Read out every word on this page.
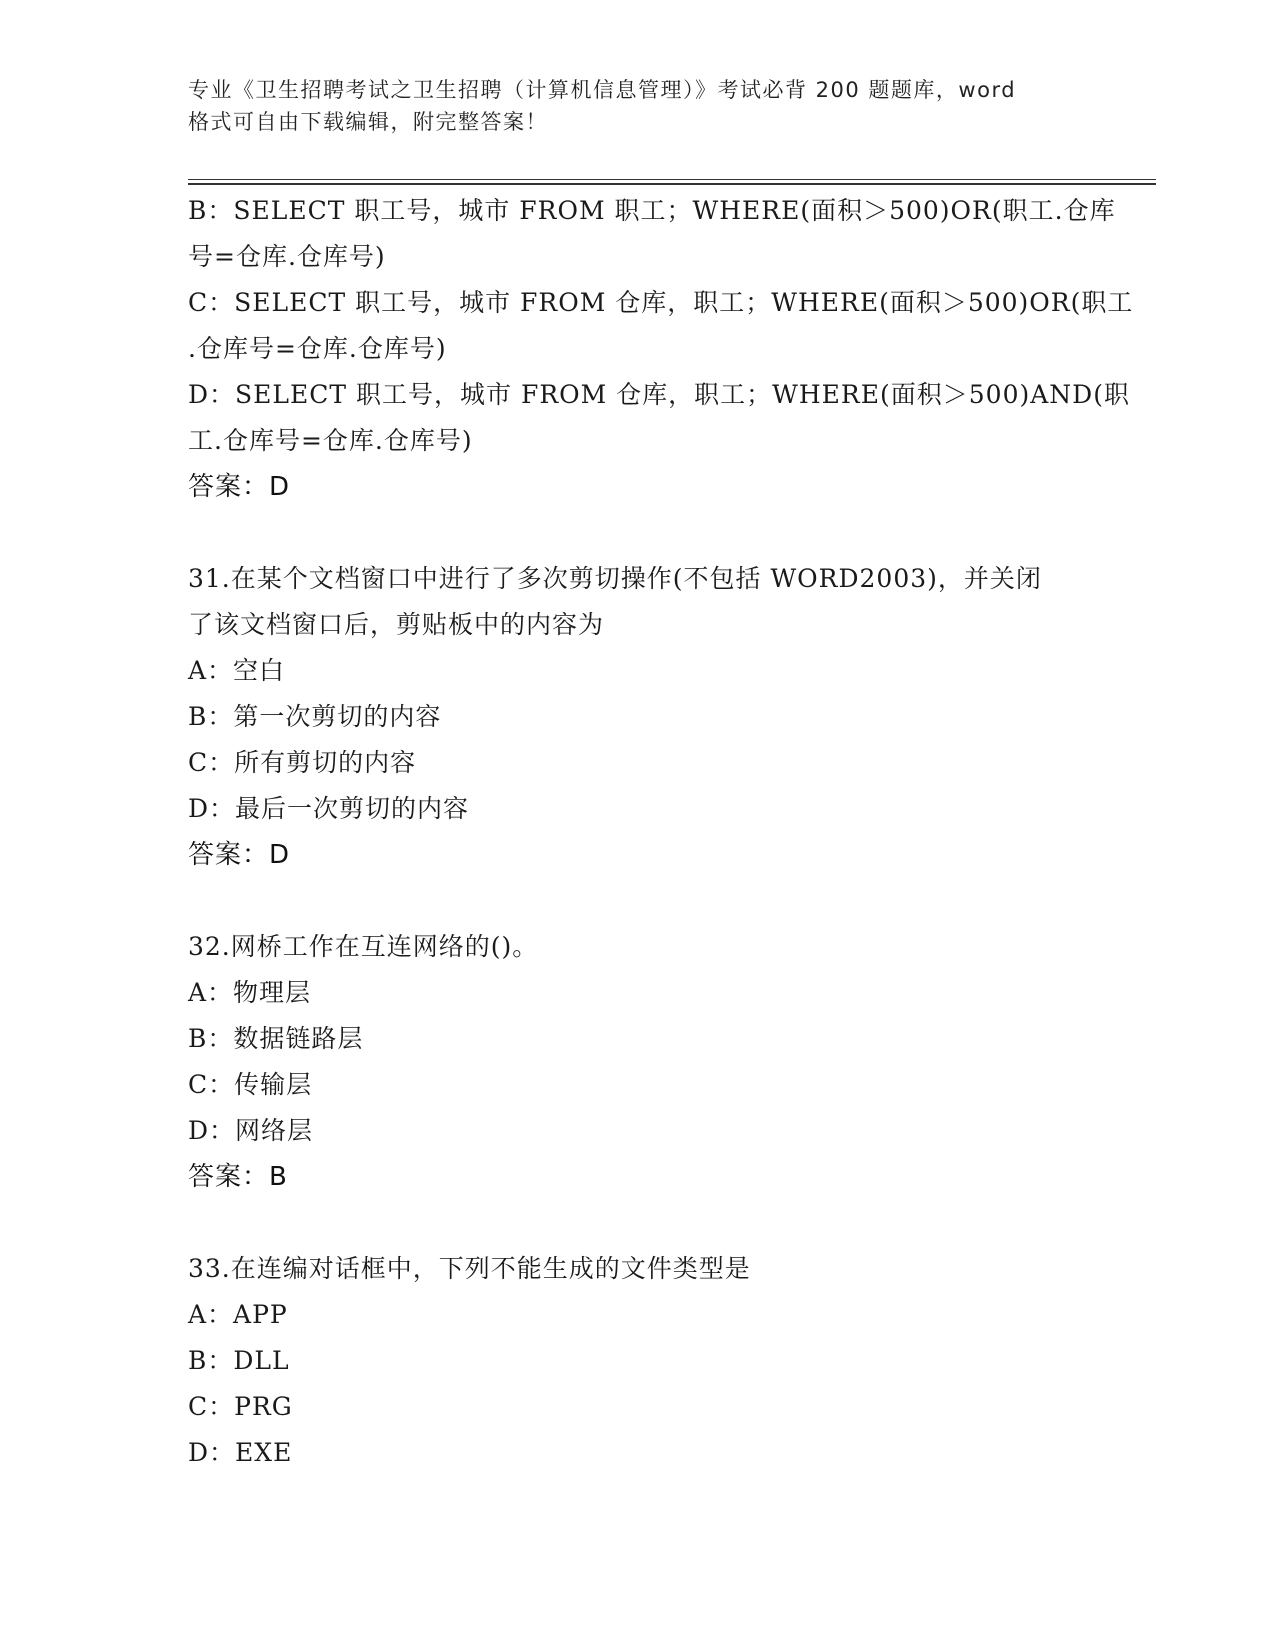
专业《卫生招聘考试之卫生招聘（计算机信息管理）》考试必背 200 题题库，word
格式可自由下载编辑，附完整答案！
B：SELECT 职工号，城市 FROM 职工；WHERE(面积＞500)OR(职工.仓库
号=仓库.仓库号)
C：SELECT 职工号，城市 FROM 仓库，职工；WHERE(面积＞500)OR(职工
.仓库号=仓库.仓库号)
D：SELECT 职工号，城市 FROM 仓库，职工；WHERE(面积＞500)AND(职
工.仓库号=仓库.仓库号)
答案：D
31.在某个文档窗口中进行了多次剪切操作(不包括 WORD2003)，并关闭
了该文档窗口后，剪贴板中的内容为
A：空白
B：第一次剪切的内容
C：所有剪切的内容
D：最后一次剪切的内容
答案：D
32.网桥工作在互连网络的()。
A：物理层
B：数据链路层
C：传输层
D：网络层
答案：B
33.在连编对话框中，下列不能生成的文件类型是
A：APP
B：DLL
C：PRG
D：EXE
